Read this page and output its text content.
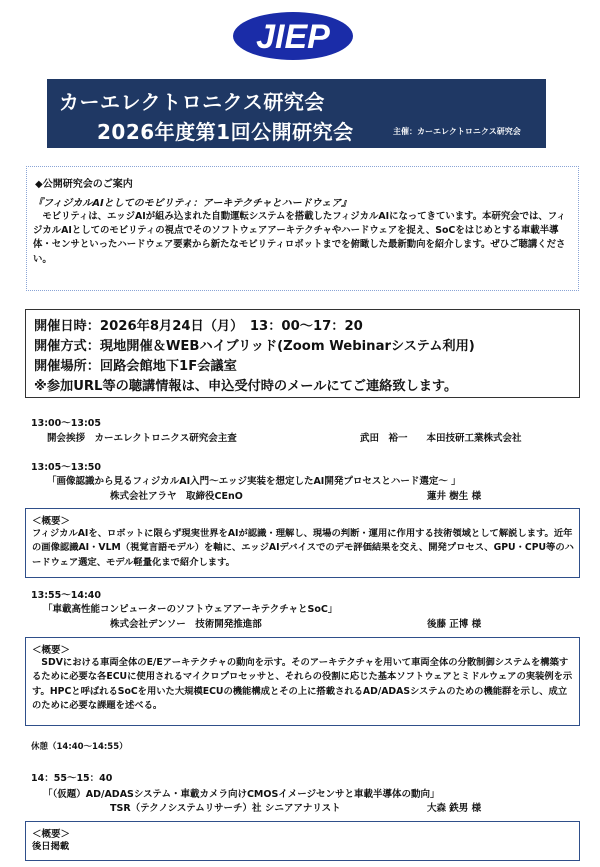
JIEP
カーエレクトロニクス研究会
2026年度第1回公開研究会	主催：カーエレクトロニクス研究会
◆公開研究会のご案内
『フィジカルAIとしてのモビリティ：アーキテクチャとハードウェア』
　モビリティは、エッジAIが組み込まれた自動運転システムを搭載したフィジカルAIになってきています。本研究会では、フィジカルAIとしてのモビリティの視点でそのソフトウェアアーキテクチャやハードウェアを捉え、SoCをはじめとする車載半導体・センサといったハードウェア要素から新たなモビリティロボットまでを俯瞰した最新動向を紹介します。ぜひご聴講ください。
開催日時：2026年8月24日（月）　13：00～17：20
開催方式：現地開催＆WEBハイブリッド(Zoom Webinarシステム利用)
開催場所：回路会館地下1F会議室
※参加URL等の聴講情報は、申込受付時のメールにてご連絡致します。
13:00～13:05
開会挨拶　カーエレクトロニクス研究会主査	武田　裕一　　本田技研工業株式会社
13:05～13:50
「画像認識から見るフィジカルAI入門～エッジ実装を想定したAI開発プロセスとハード選定～ 」
株式会社アラヤ　取締役CEnO	蓮井 樹生 様
＜概要＞
フィジカルAIを、ロボットに限らず現実世界をAIが認識・理解し、現場の判断・運用に作用する技術領域として解説します。近年の画像認識AI・VLM（視覚言語モデル）を軸に、エッジAIデバイスでのデモ評価結果を交え、開発プロセス、GPU・CPU等のハードウェア選定、モデル軽量化まで紹介します。
13:55～14:40
「車載高性能コンピューターのソフトウェアアーキテクチャとSoC」
株式会社デンソー　技術開発推進部	後藤 正博 様
＜概要＞
　SDVにおける車両全体のE/Eアーキテクチャの動向を示す。そのアーキテクチャを用いて車両全体の分散制御システムを構築するために必要な各ECUに使用されるマイクロプロセッサと、それらの役割に応じた基本ソフトウェアとミドルウェアの実装例を示す。HPCと呼ばれるSoCを用いた大規模ECUの機能構成とその上に搭載されるAD/ADASシステムのための機能群を示し、成立のために必要な課題を述べる。
休憩（14:40～14:55）
14：55～15：40
「（仮題）AD/ADASシステム・車載カメラ向けCMOSイメージセンサと車載半導体の動向」
TSR（テクノシステムリサーチ）社 シニアアナリスト	大森 鉄男 様
＜概要＞
後日掲載
